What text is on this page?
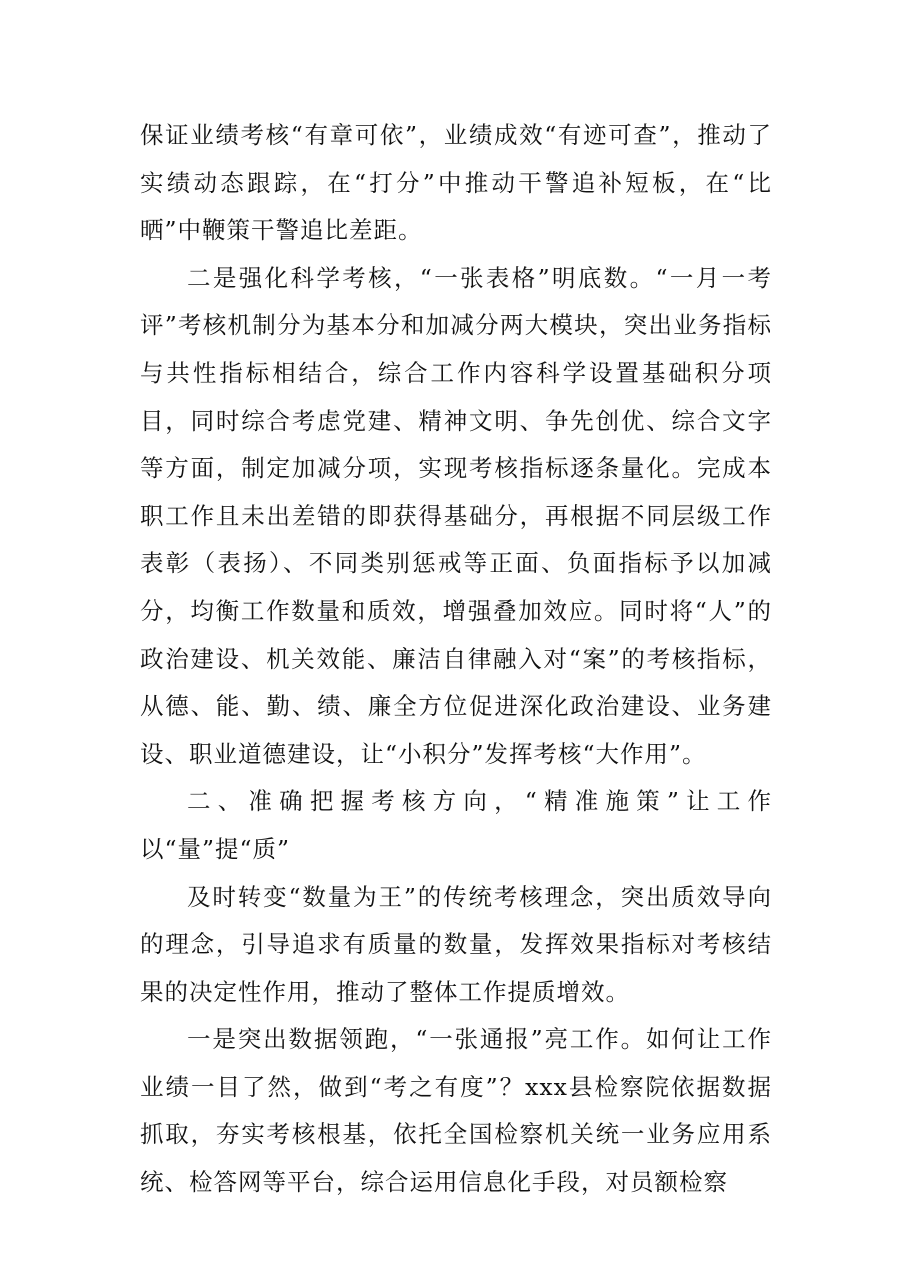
保证业绩考核“有章可依”，业绩成效“有迹可查”，推动了实绩动态跟踪，在“打分”中推动干警追补短板，在“比晒”中鞭策干警追比差距。

二是强化科学考核，“一张表格”明底数。“一月一考评”考核机制分为基本分和加减分两大模块，突出业务指标与共性指标相结合，综合工作内容科学设置基础积分项目，同时综合考虑党建、精神文明、争先创优、综合文字等方面，制定加减分项，实现考核指标逐条量化。完成本职工作且未出差错的即获得基础分，再根据不同层级工作表彰（表扬）、不同类别惩戒等正面、负面指标予以加减分，均衡工作数量和质效，增强叠加效应。同时将“人”的政治建设、机关效能、廉洁自律融入对“案”的考核指标，从德、能、勤、绩、廉全方位促进深化政治建设、业务建设、职业道德建设，让“小积分”发挥考核“大作用”。

二、准确把握考核方向，“精准施策”让工作以“量”提“质”

及时转变“数量为王”的传统考核理念，突出质效导向的理念，引导追求有质量的数量，发挥效果指标对考核结果的决定性作用，推动了整体工作提质增效。

一是突出数据领跑，“一张通报”亮工作。如何让工作业绩一目了然，做到“考之有度”？xxx县检察院依据数据抓取，夯实考核根基，依托全国检察机关统一业务应用系统、检答网等平台，综合运用信息化手段，对员额检察
